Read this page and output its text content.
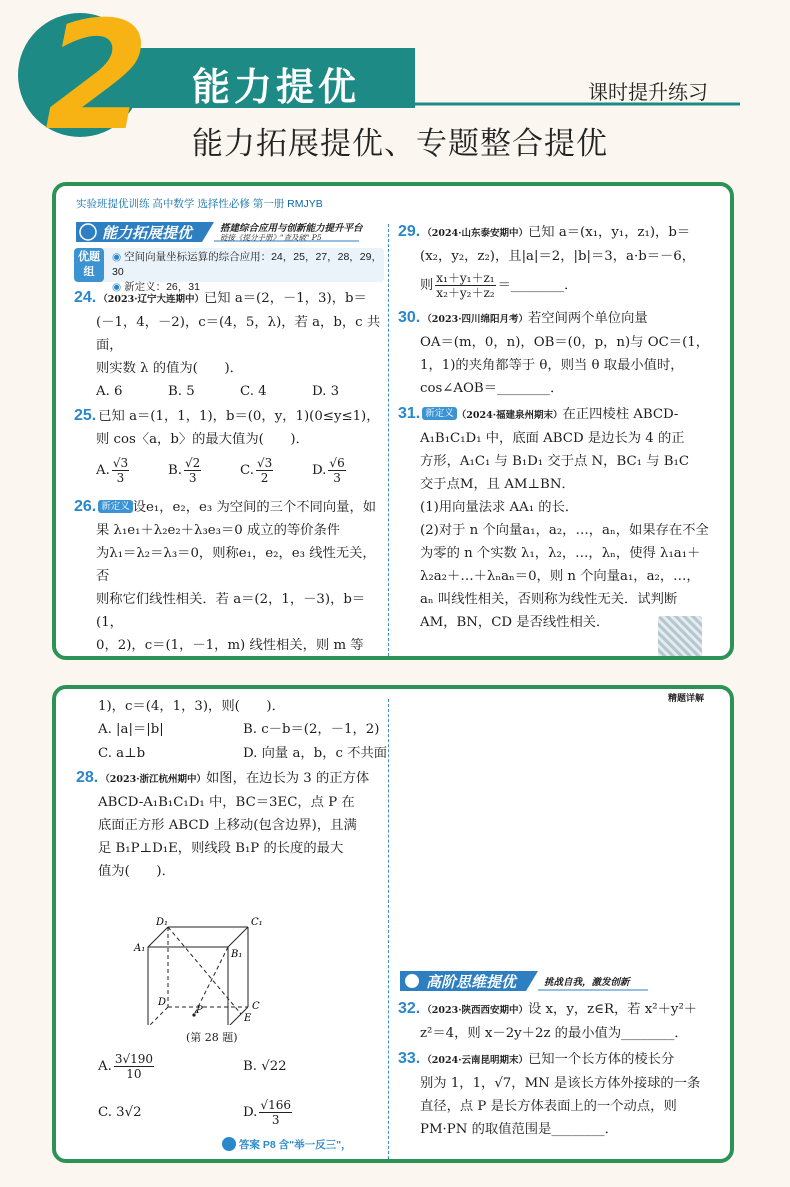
2 能力提优
能力拓展提优、专题整合提优
课时提升练习
实验班提优训练 高中数学 选择性必修 第一册 RMJYB
能力拓展提优	搭建综合应用与创新能力提升平台
链接《提分手册》"查及破" P5
优题组
◉ 空间向量坐标运算的综合应用：24，25，27，28，29，30
◉ 新定义：26，31
24. （2023·辽宁大连期中）已知 a＝(2，－1，3)，b＝
(－1，4，－2)，c＝(4，5，λ)，若 a，b，c 共面，
则实数 λ 的值为(　　)．
A. 6	B. 5	C. 4	D. 3
25. 已知 a＝(1，1，1)，b＝(0，y，1)(0≤y≤1)，
则 cos〈a，b〉的最大值为(　　)．
A. $\frac{√3}{3}$	B. $\frac{√2}{3}$	C. $\frac{√3}{2}$	D. $\frac{√6}{3}$
26. 新定义 设e₁，e₂，e₃ 为空间的三个不同向量，如
果 λ₁e₁＋λ₂e₂＋λ₃e₃＝0 成立的等价条件
为λ₁＝λ₂＝λ₃＝0，则称e₁，e₂，e₃ 线性无关，否
则称它们线性相关．若 a＝(2，1，－3)，b＝(1，
0，2)，c＝(1，－1，m) 线性相关，则 m 等
29. （2024·山东泰安期中）已知 a＝(x₁，y₁，z₁)，b＝
(x₂，y₂，z₂)，且|a|＝2，|b|＝3，a·b＝－6，
则 $\frac{\text{x₁＋y₁＋z₁}}{\text{x₂＋y₂＋z₂}}$ ＝________．
30. （2023·四川绵阳月考）若空间两个单位向量
OA＝(m，0，n)，OB＝(0，p，n)与 OC＝(1，
1，1)的夹角都等于 θ，则当 θ 取最小值时，
cos∠AOB＝________．
31. 新定义 （2024·福建泉州期末）在正四棱柱 ABCD-
A₁B₁C₁D₁ 中，底面 ABCD 是边长为 4 的正
方形，A₁C₁ 与 B₁D₁ 交于点 N，BC₁ 与 B₁C
交于点M，且 AM⊥BN．
(1)用向量法求 AA₁ 的长．
(2)对于 n 个向量a₁，a₂，…，aₙ，如果存在不全
为零的 n 个实数 λ₁，λ₂，…，λₙ，使得 λ₁a₁＋
λ₂a₂＋…＋λₙaₙ＝0，则 n 个向量a₁，a₂，…，
aₙ 叫线性相关，否则称为线性无关．试判断
AM，BN，CD 是否线性相关．
精题详解
1)，c＝(4，1，3)，则(　　)．
A. |a|＝|b|	B. c－b＝(2，－1，2)
C. a⊥b	D. 向量 a，b，c 不共面
28. （2023·浙江杭州期中）如图，在边长为 3 的正方体
ABCD-A₁B₁C₁D₁ 中，BC＝3EC，点 P 在
底面正方形 ABCD 上移动(包含边界)，且满
足 B₁P⊥D₁E，则线段 B₁P 的长度的最大
值为(　　)．
D₁	C₁
A₁
B₁
D	C
E
P
(第 28 题)
A. $\frac{3√190}{10}$	B. √22
C. 3√2	D. $\frac{√166}{3}$
答案 P8 含"举一反三"，
高阶思维提优	挑战自我，激发创新
32. （2023·陕西西安期中）设 x，y，z∈R，若 x²＋y²＋
z²＝4，则 x－2y＋2z 的最小值为________．
33. （2024·云南昆明期末）已知一个长方体的棱长分
别为 1，1，√7，MN 是该长方体外接球的一条
直径，点 P 是长方体表面上的一个动点，则
PM·PN 的取值范围是________．
